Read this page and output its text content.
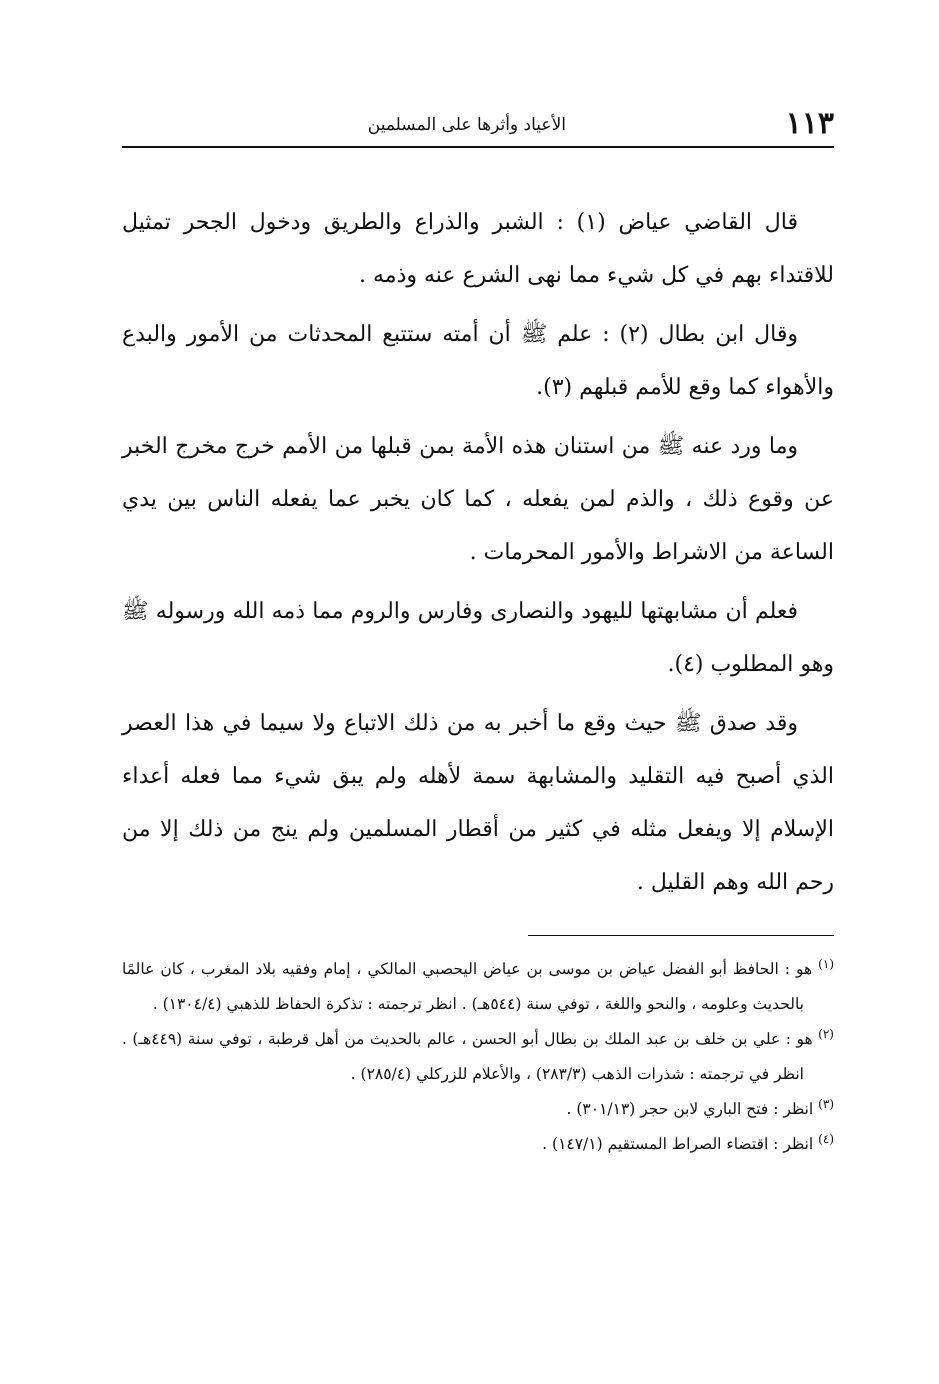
١١٣
الأعياد وأثرها على المسلمين

قال القاضي عياض (١) : الشبر والذراع والطريق ودخول الجحر تمثيل للاقتداء بهم في كل شيء مما نهى الشرع عنه وذمه .

وقال ابن بطال (٢) : علم ﷺ أن أمته ستتبع المحدثات من الأمور والبدع والأهواء كما وقع للأمم قبلهم (٣).

وما ورد عنه ﷺ من استنان هذه الأمة بمن قبلها من الأمم خرج مخرج الخبر عن وقوع ذلك ، والذم لمن يفعله ، كما كان يخبر عما يفعله الناس بين يدي الساعة من الاشراط والأمور المحرمات .

فعلم أن مشابهتها لليهود والنصارى وفارس والروم مما ذمه الله ورسوله ﷺ وهو المطلوب (٤).

وقد صدق ﷺ حيث وقع ما أخبر به من ذلك الاتباع ولا سيما في هذا العصر الذي أصبح فيه التقليد والمشابهة سمة لأهله ولم يبق شيء مما فعله أعداء الإسلام إلا ويفعل مثله في كثير من أقطار المسلمين ولم ينج من ذلك إلا من رحم الله وهم القليل .

$^{(١)}$ هو : الحافظ أبو الفضل عياض بن موسى بن عياض اليحصبي المالكي ، إمام وفقيه بلاد المغرب ، كان عالمًا بالحديث وعلومه ، والنحو واللغة ، توفي سنة (٥٤٤هـ) . انظر ترجمته : تذكرة الحفاظ للذهبي (١٣٠٤/٤) .

$^{(٢)}$ هو : علي بن خلف بن عبد الملك بن بطال أبو الحسن ، عالم بالحديث من أهل قرطبة ، توفي سنة (٤٤٩هـ) . انظر في ترجمته : شذرات الذهب (٢٨٣/٣) ، والأعلام للزركلي (٢٨٥/٤) .

$^{(٣)}$ انظر : فتح الباري لابن حجر (٣٠١/١٣) .

$^{(٤)}$ انظر : اقتضاء الصراط المستقيم (١٤٧/١) .
